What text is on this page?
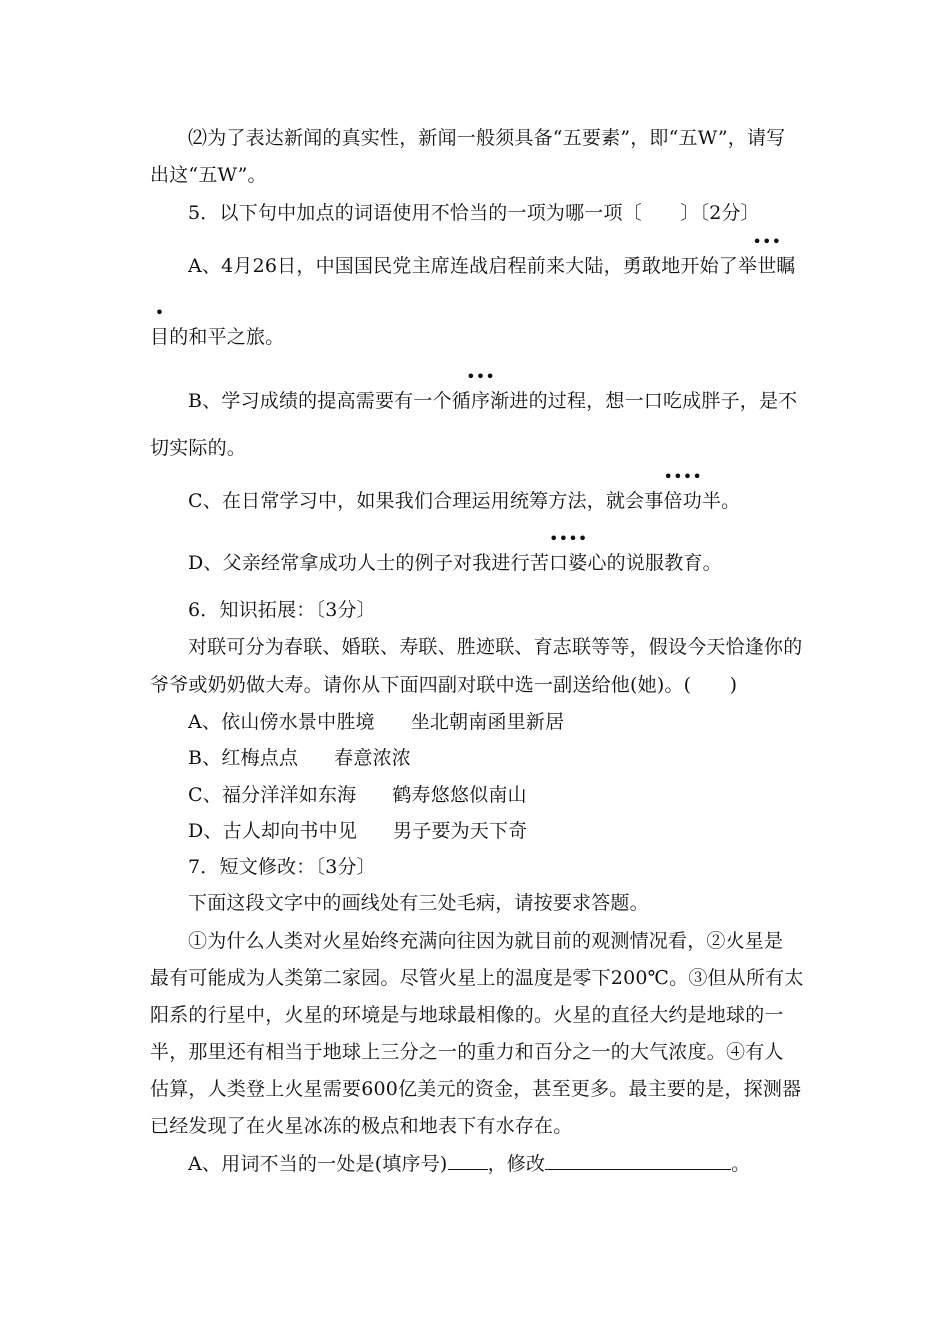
⑵为了表达新闻的真实性，新闻一般须具备“五要素”，即“五W”，请写
出这“五W”。
5．以下句中加点的词语使用不恰当的一项为哪一项〔　　〕〔2分〕
A、4月26日，中国国民党主席连战启程前来大陆，勇敢地开始了
•••
举世瞩
•
目的和平之旅。
B、学习成绩的提高需要有一个
•••
循序渐进的过程，想一口吃成胖子，是不
切实际的。
C、在日常学习中，如果我们合理运用统筹方法，就会
••••
事倍功半。
D、父亲经常拿成功人士的例子对我进行
••••
苦口婆心的说服教育。
6．知识拓展：〔3分〕
对联可分为春联、婚联、寿联、胜迹联、育志联等等，假设今天恰逢你的
爷爷或奶奶做大寿。请你从下面四副对联中选一副送给他(她)。(　　)
A、依山傍水景中胜境 坐北朝南函里新居
B、红梅点点 春意浓浓
C、福分洋洋如东海 鹤寿悠悠似南山
D、古人却向书中见 男子要为天下奇
7．短文修改：〔3分〕
下面这段文字中的画线处有三处毛病，请按要求答题。
①为什么人类对火星始终充满向往因为就目前的观测情况看，②火星是
最有可能成为人类第二家园。尽管火星上的温度是零下200℃。③但从所有太
阳系的行星中，火星的环境是与地球最相像的。火星的直径大约是地球的一
半，那里还有相当于地球上三分之一的重力和百分之一的大气浓度。④有人
估算，人类登上火星需要600亿美元的资金，甚至更多。最主要的是，探测器
已经发现了在火星冰冻的极点和地表下有水存在。
A、用词不当的一处是(填序号) ，修改	。
